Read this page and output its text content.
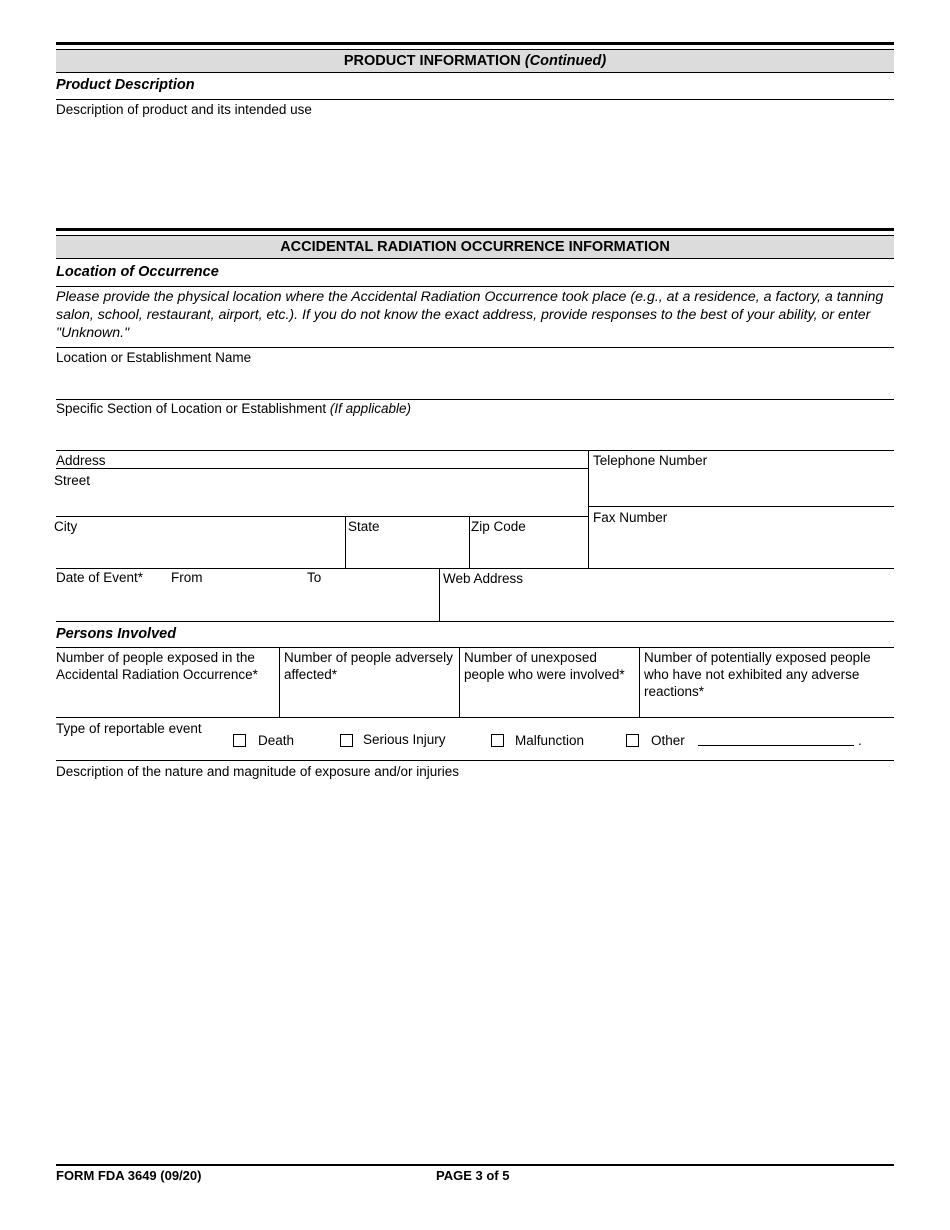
PRODUCT INFORMATION (Continued)
Product Description
Description of product and its intended use
ACCIDENTAL RADIATION OCCURRENCE INFORMATION
Location of Occurrence
Please provide the physical location where the Accidental Radiation Occurrence took place (e.g., at a residence, a factory, a tanning salon, school, restaurant, airport, etc.). If you do not know the exact address, provide responses to the best of your ability, or enter "Unknown."
Location or Establishment Name
Specific Section of Location or Establishment (If applicable)
Address
Street
City	State	Zip Code
Telephone Number
Fax Number
Date of Event* From	To	Web Address
Persons Involved
Number of people exposed in the Accidental Radiation Occurrence*
Number of people adversely affected*
Number of unexposed people who were involved*
Number of potentially exposed people who have not exhibited any adverse reactions*
Type of reportable event
Death	Serious Injury	Malfunction	Other	.
Description of the nature and magnitude of exposure and/or injuries
FORM FDA 3649 (09/20)	PAGE 3 of 5
